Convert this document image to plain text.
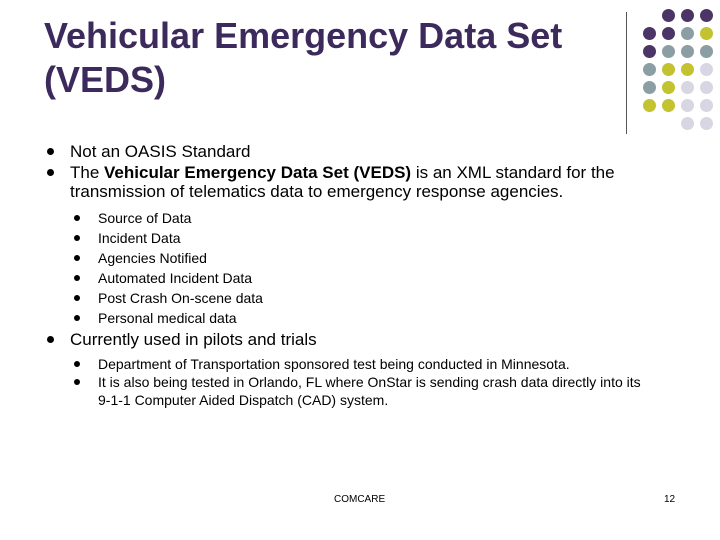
Vehicular Emergency Data Set
(VEDS)

Not an OASIS Standard

The Vehicular Emergency Data Set (VEDS) is an XML standard for the transmission of telematics data to emergency response agencies.

Source of Data

Incident Data

Agencies Notified

Automated Incident Data

Post Crash On-scene data

Personal medical data

Currently used in pilots and trials

Department of Transportation sponsored test being conducted in Minnesota.

It is also being tested in Orlando, FL where OnStar is sending crash data directly into its 9-1-1 Computer Aided Dispatch (CAD) system.

COMCARE	12
